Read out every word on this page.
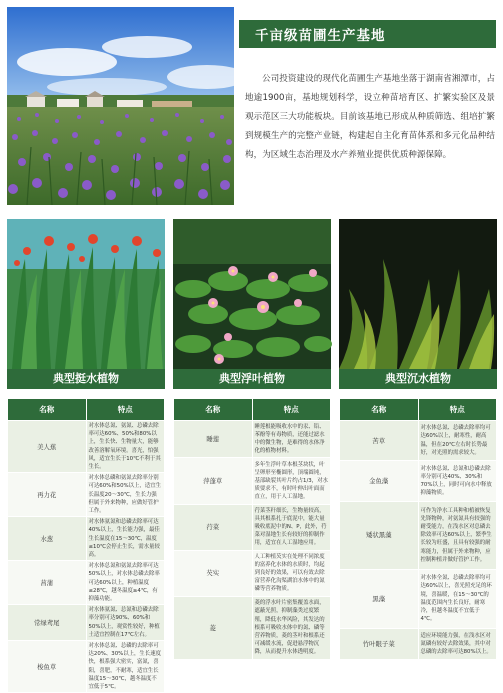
千亩级苗圃生产基地

公司投资建设的现代化苗圃生产基地坐落于湖南省湘潭市，占地逾1900亩，基地规划科学，设立种苗培育区、扩繁实验区及景观示范区三大功能板块。目前该基地已形成从种质筛选、组培扩繁到规模生产的完整产业链，构建起自主化育苗体系和多元化品种结构，为区域生态治理及水产养殖业提供优质种源保障。

典型挺水植物	典型浮叶植物	典型沉水植物
名称	特点
美人蕉	对水体总氮、氨氮、总磷去除率可达60%、50%和80%以上，生长快、生物量大，能够改善溶解氧环境。喜光，怕强风，适宜生长于10℃不利于其生长。
再力花	对水体总磷和氨氮去除率分别可达60%和50%以上，适宜生长温度20～30℃，生长力强但属于外来物种，应做好管护工作。
水葱	对水体氨氮和总磷去除率可达40%以上，生长能力强，最佳生长温度在15～30℃，温度≤10℃会停止生长，需水量较高。
菖蒲	对水体总氮和氨氮去除率可达50%以上，对水体总磷去除率可达60%以上，种植温度≤28℃，越冬温度≥4℃，有抑藻功能。
常绿鸢尾	对水体氨氮、总氮和总磷去除率分别可达90%、60%和50%以上，观赏性较好，种植土适宜控制在17℃左右。
梭鱼草	对水体总氮、总磷的去除率可达20%、30%以上，生长速度快，根系强大密实，富氮，喜阳，喜肥，不耐寒，适宜生长温度15～30℃，越冬温度不宜低于5℃。
名称	特点
睡莲	睡莲根能吸收水中的汞、铅、苯酚等有毒物质，还能过滤水中的微生物，是难得的水体净化的植物材料。
萍蓬草	多年生浮叶草本根茎块状，叶呈卵形至椭圆形，顶端圆钝，基部缺裂其叶片约占1/3，对水质要求不，有时叶伸出叶面而直立，用于人工湿地。
荇菜	荇菜茎秆细长，生物量较高，具其根系扎于底泥中，能大量吸收底泥中的N、P，此外，荇菜对湿地生长有较好的抑制作用，适宜在人工湿地应用。
芡实	人工种植芡实在处理不同浓度的富养化水体的水质时，均起到良好的效果，可以有效去除富营养化沟渠湖泊水体中的氮磷等营养物质。
菱	菱的浮水叶片密集覆盖水面，遮蔽光照，抑制藻类过度繁殖，降低水华风险，其发达的根系可吸收水体中的氮、磷等营养物质，菱的茎叶和根系还可减缓水流，促进悬浮物沉降，从而提升水体透明度。
名称	特点
苦草	对水体总氮、总磷去除率均可达60%以上，耐寒性，耐高温，但在20℃左右时长势最好，对光照的需求较大。
金鱼藻	对水体总氮、总氮和总磷去除率分别可达40%、30%和70%以上，同时可向水中释放抑藻物质。
矮状黑藻	可作为净水工具种和植被恢复先锋物种，对氨氮具有较强的耐受能力，在浅水区对总磷去除效率可达60%以上，繁季生长较为旺盛，且具有较强的耐寒能力，但属于外来物种，应控制种植并做好管护工作。
黑藻	对水体全氮、总磷去除率均可达60%以上，喜光照充足的环境，喜温暖，在15～30℃的温度范围内生长良好，耐寒冷，但越冬温度不宜低于4℃。
竹叶眼子菜	适应环境能力强，在浅水区对氮磷有较好去除效果，其中对总磷的去除率可达80%以上。
